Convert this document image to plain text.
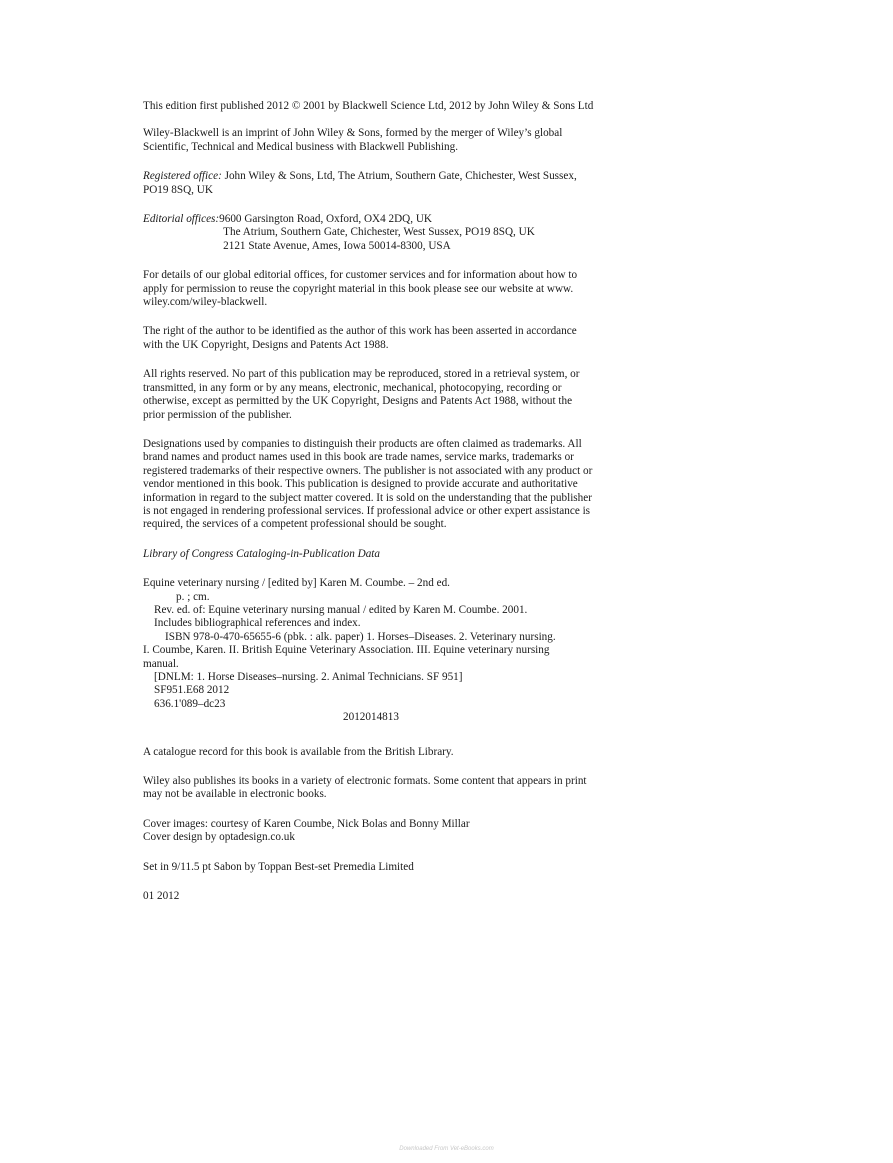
This edition first published 2012 © 2001 by Blackwell Science Ltd, 2012 by John Wiley & Sons Ltd

Wiley-Blackwell is an imprint of John Wiley & Sons, formed by the merger of Wiley’s global
Scientific, Technical and Medical business with Blackwell Publishing.

Registered office: John Wiley & Sons, Ltd, The Atrium, Southern Gate, Chichester, West Sussex,
PO19 8SQ, UK

Editorial offices: 9600 Garsington Road, Oxford, OX4 2DQ, UK
The Atrium, Southern Gate, Chichester, West Sussex, PO19 8SQ, UK
2121 State Avenue, Ames, Iowa 50014-8300, USA

For details of our global editorial offices, for customer services and for information about how to
apply for permission to reuse the copyright material in this book please see our website at www.
wiley.com/wiley-blackwell.

The right of the author to be identified as the author of this work has been asserted in accordance
with the UK Copyright, Designs and Patents Act 1988.

All rights reserved. No part of this publication may be reproduced, stored in a retrieval system, or
transmitted, in any form or by any means, electronic, mechanical, photocopying, recording or
otherwise, except as permitted by the UK Copyright, Designs and Patents Act 1988, without the
prior permission of the publisher.

Designations used by companies to distinguish their products are often claimed as trademarks. All
brand names and product names used in this book are trade names, service marks, trademarks or
registered trademarks of their respective owners. The publisher is not associated with any product or
vendor mentioned in this book. This publication is designed to provide accurate and authoritative
information in regard to the subject matter covered. It is sold on the understanding that the publisher
is not engaged in rendering professional services. If professional advice or other expert assistance is
required, the services of a competent professional should be sought.

Library of Congress Cataloging-in-Publication Data

Equine veterinary nursing / [edited by] Karen M. Coumbe. – 2nd ed.
p. ; cm.
Rev. ed. of: Equine veterinary nursing manual / edited by Karen M. Coumbe. 2001.
Includes bibliographical references and index.
ISBN 978-0-470-65655-6 (pbk. : alk. paper) 1. Horses–Diseases. 2. Veterinary nursing.
I. Coumbe, Karen. II. British Equine Veterinary Association. III. Equine veterinary nursing
manual.
[DNLM: 1. Horse Diseases–nursing. 2. Animal Technicians. SF 951]
SF951.E68 2012
636.1'089–dc23
2012014813

A catalogue record for this book is available from the British Library.

Wiley also publishes its books in a variety of electronic formats. Some content that appears in print
may not be available in electronic books.

Cover images: courtesy of Karen Coumbe, Nick Bolas and Bonny Millar
Cover design by optadesign.co.uk

Set in 9/11.5 pt Sabon by Toppan Best-set Premedia Limited

01 2012

Downloaded From Vet-eBooks.com
